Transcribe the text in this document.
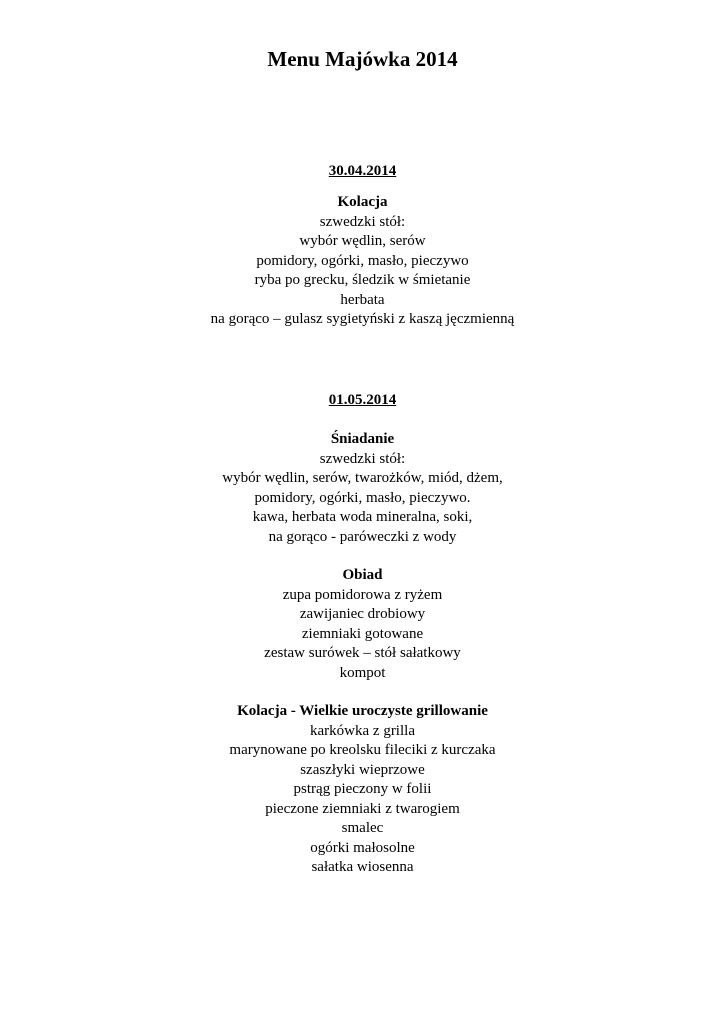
Menu Majówka 2014
30.04.2014
Kolacja
szwedzki stół:
wybór wędlin, serów
pomidory, ogórki, masło, pieczywo
ryba po grecku, śledzik w śmietanie
herbata
na gorąco – gulasz sygietyński z kaszą jęczmienną
01.05.2014
Śniadanie
szwedzki stół:
wybór wędlin, serów, twarożków, miód, dżem,
pomidory, ogórki, masło, pieczywo.
kawa, herbata woda mineralna, soki,
na gorąco - paróweczki z wody
Obiad
zupa pomidorowa z ryżem
zawijaniec drobiowy
ziemniaki gotowane
zestaw surówek – stół sałatkowy
kompot
Kolacja - Wielkie uroczyste grillowanie
karkówka z grilla
marynowane po kreolsku fileciki z kurczaka
szaszłyki wieprzowe
pstrąg pieczony w folii
pieczone ziemniaki z twarogiem
smalec
ogórki małosolne
sałatka wiosenna
